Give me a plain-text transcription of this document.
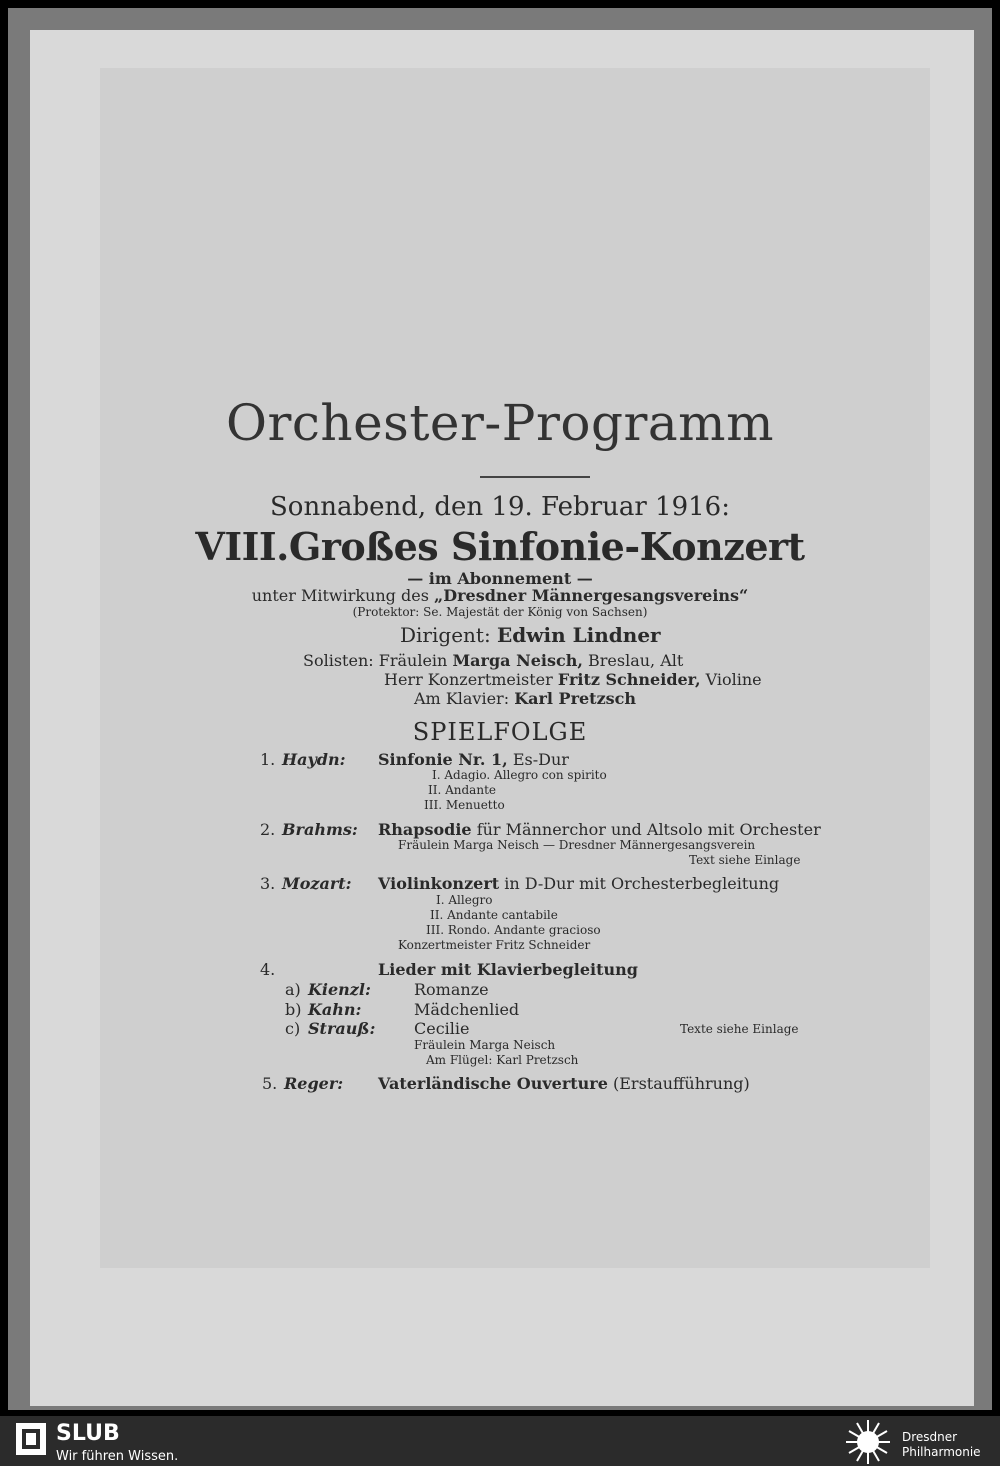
Orchester-Programm
Sonnabend, den 19. Februar 1916:
VIII.Großes Sinfonie-Konzert
— im Abonnement —
unter Mitwirkung des „Dresdner Männergesangsvereins“
(Protektor: Se. Majestät der König von Sachsen)
Dirigent: Edwin Lindner
Solisten: Fräulein Marga Neisch, Breslau, Alt
Herr Konzertmeister Fritz Schneider, Violine
Am Klavier: Karl Pretzsch
SPIELFOLGE
1. Haydn: Sinfonie Nr. 1, Es-Dur
I. Adagio. Allegro con spirito
II. Andante
III. Menuetto
2. Brahms: Rhapsodie für Männerchor und Altsolo mit Orchester
Fräulein Marga Neisch — Dresdner Männergesangsverein
Text siehe Einlage
3. Mozart: Violinkonzert in D-Dur mit Orchesterbegleitung
I. Allegro
II. Andante cantabile
III. Rondo. Andante gracioso
Konzertmeister Fritz Schneider
4.	Lieder mit Klavierbegleitung
a) Kienzl:	Romanze
b) Kahn:	Mädchenlied
c) Strauß: Cecilie	Texte siehe Einlage
Fräulein Marga Neisch
Am Flügel: Karl Pretzsch
5. Reger: Vaterländische Ouverture (Erstaufführung)
SLUB
Wir führen Wissen.
Dresdner
Philharmonie
